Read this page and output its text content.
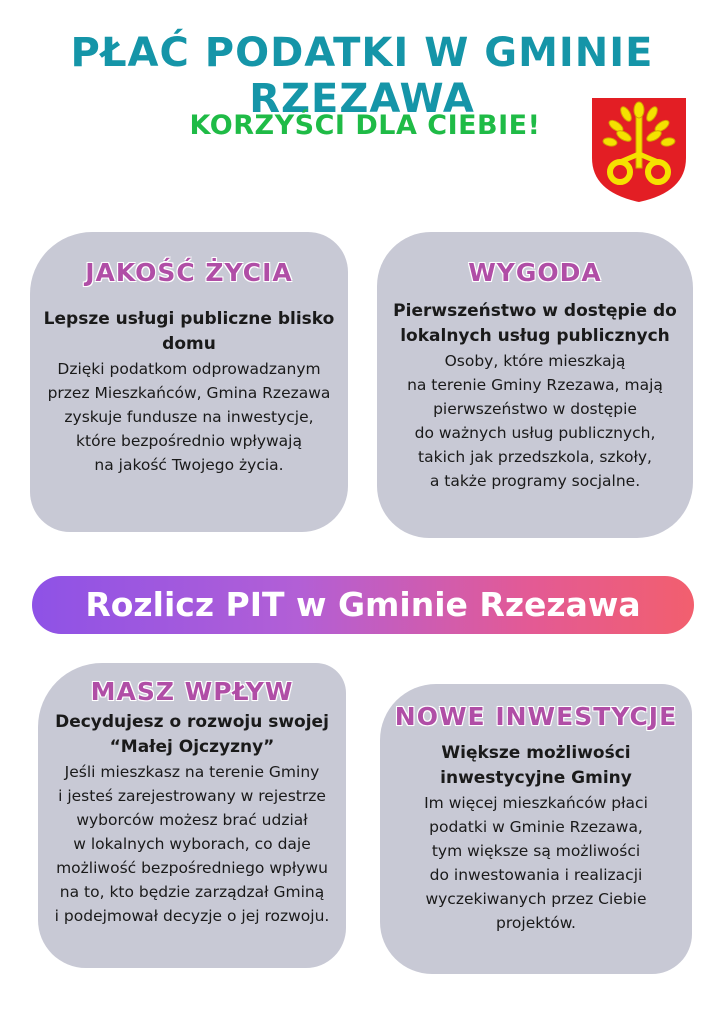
PŁAĆ PODATKI W GMINIE RZEZAWA
KORZYŚCI DLA CIEBIE!
JAKOŚĆ ŻYCIA
Lepsze usługi publiczne blisko
domu
Dzięki podatkom odprowadzanym
przez Mieszkańców, Gmina Rzezawa
zyskuje fundusze na inwestycje,
które bezpośrednio wpływają
na jakość Twojego życia.
WYGODA
Pierwszeństwo w dostępie do
lokalnych usług publicznych
Osoby, które mieszkają
na terenie Gminy Rzezawa, mają
pierwszeństwo w dostępie
do ważnych usług publicznych,
takich jak przedszkola, szkoły,
a także programy socjalne.
Rozlicz PIT w Gminie Rzezawa
MASZ WPŁYW
Decydujesz o rozwoju swojej
“Małej Ojczyzny”
Jeśli mieszkasz na terenie Gminy
i jesteś zarejestrowany w rejestrze
wyborców możesz brać udział
w lokalnych wyborach, co daje
możliwość bezpośredniego wpływu
na to, kto będzie zarządzał Gminą
i podejmował decyzje o jej rozwoju.
NOWE INWESTYCJE
Większe możliwości
inwestycyjne Gminy
Im więcej mieszkańców płaci
podatki w Gminie Rzezawa,
tym większe są możliwości
do inwestowania i realizacji
wyczekiwanych przez Ciebie
projektów.
